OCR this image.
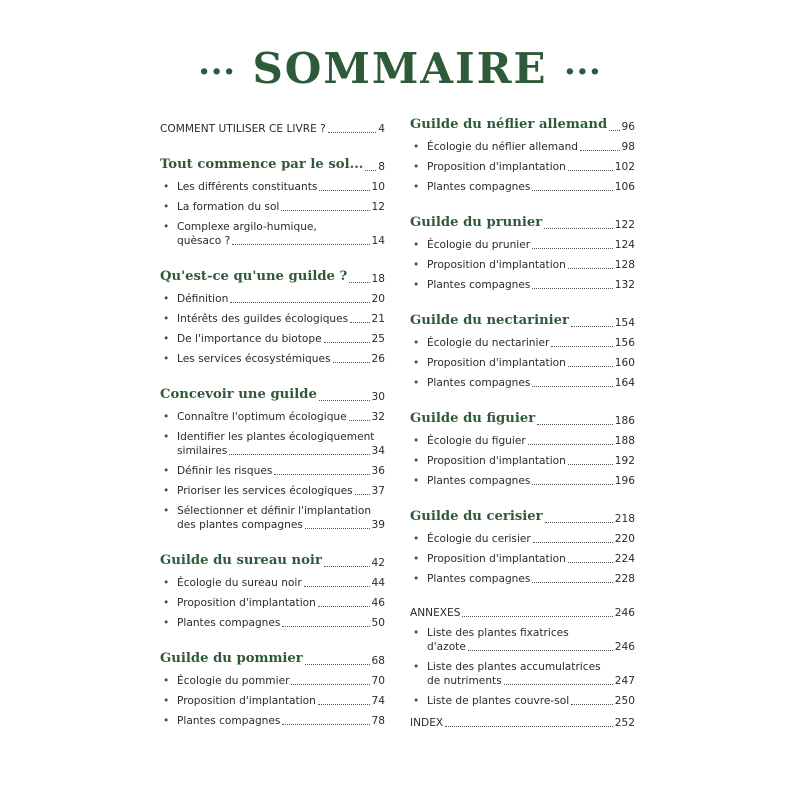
••• SOMMAIRE •••
COMMENT UTILISER CE LIVRE ?	4
Tout commence par le sol... 8
• Les différents constituants	10
• La formation du sol	12
• Complexe argilo-humique,
quèsaco ?	14
Qu'est-ce qu'une guilde ? 18
• Définition	20
• Intérêts des guildes écologiques 21
• De l'importance du biotope	25
• Les services écosystémiques	26
Concevoir une guilde	30
• Connaître l'optimum écologique 32
• Identifier les plantes écologiquement
similaires	34
• Définir les risques	36
• Prioriser les services écologiques 37
• Sélectionner et définir l'implantation
des plantes compagnes	39
Guilde du sureau noir	42
• Écologie du sureau noir	44
• Proposition d'implantation	46
• Plantes compagnes	50
Guilde du pommier	68
• Écologie du pommier	70
• Proposition d'implantation	74
• Plantes compagnes	78
Guilde du néflier allemand 96
• Écologie du néflier allemand	98
• Proposition d'implantation	102
• Plantes compagnes	106
Guilde du prunier	122
• Écologie du prunier	124
• Proposition d'implantation	128
• Plantes compagnes	132
Guilde du nectarinier	154
• Écologie du nectarinier	156
• Proposition d'implantation	160
• Plantes compagnes	164
Guilde du figuier	186
• Écologie du figuier	188
• Proposition d'implantation	192
• Plantes compagnes	196
Guilde du cerisier	218
• Écologie du cerisier	220
• Proposition d'implantation	224
• Plantes compagnes	228
ANNEXES	246
• Liste des plantes fixatrices
d'azote	246
• Liste des plantes accumulatrices
de nutriments	247
• Liste de plantes couvre-sol	250
INDEX	252
